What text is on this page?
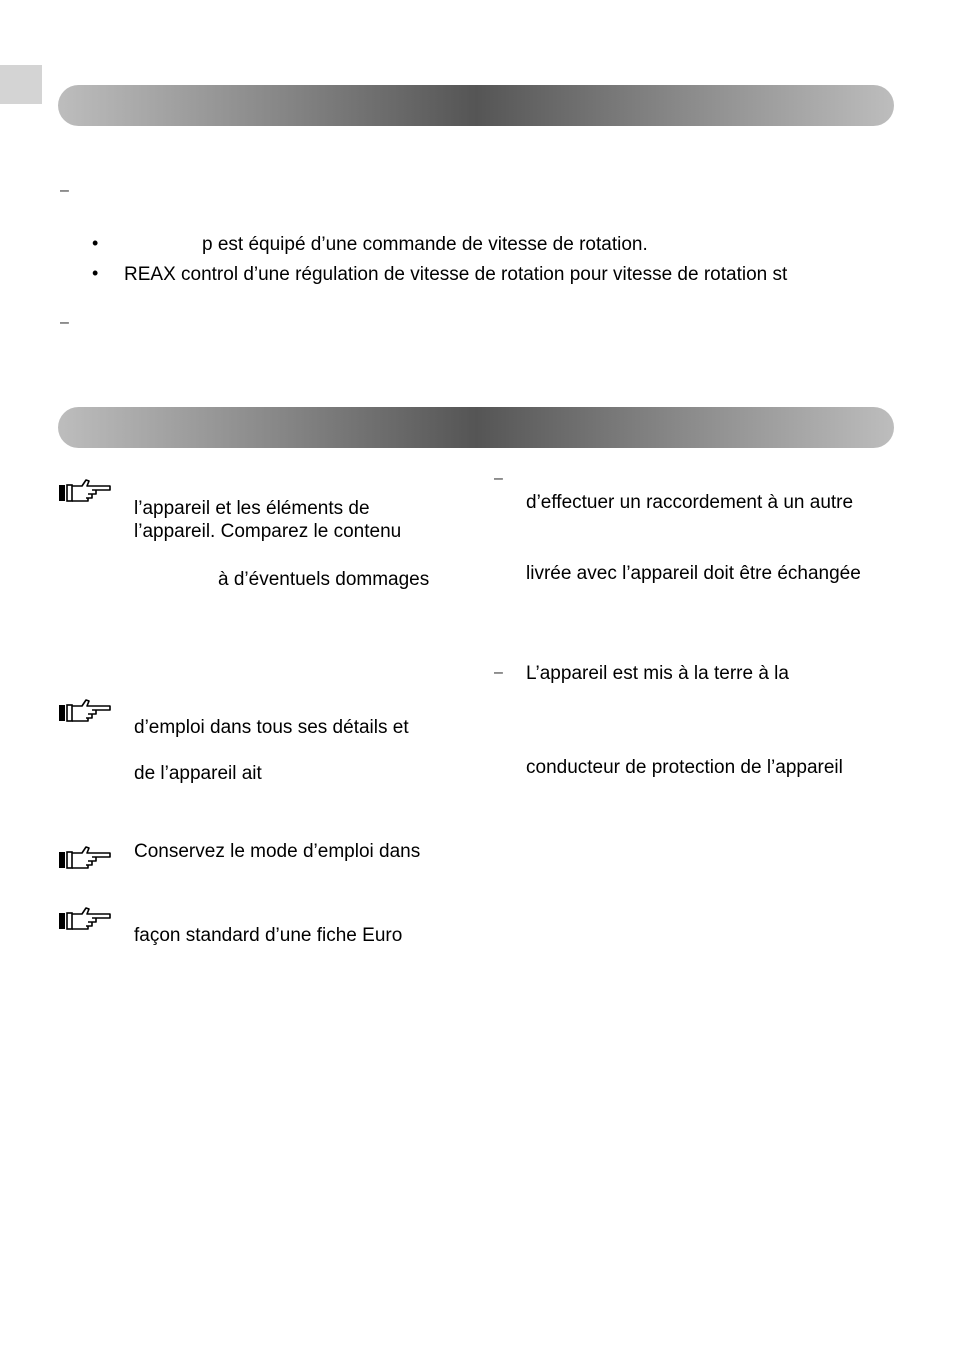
–
•	p est équipé d’une commande de vitesse de rotation.
• REAX control d’une régulation de vitesse de rotation pour vitesse de rotation st
–
l’appareil et les éléments de
l’appareil. Comparez le contenu
à d’éventuels dommages
d’emploi dans tous ses détails et
de l’appareil ait
Conservez le mode d’emploi dans
façon standard d’une fiche Euro
–
d’effectuer un raccordement à un autre
livrée avec l’appareil doit être échangée
– L’appareil est mis à la terre à la
conducteur de protection de l’appareil
